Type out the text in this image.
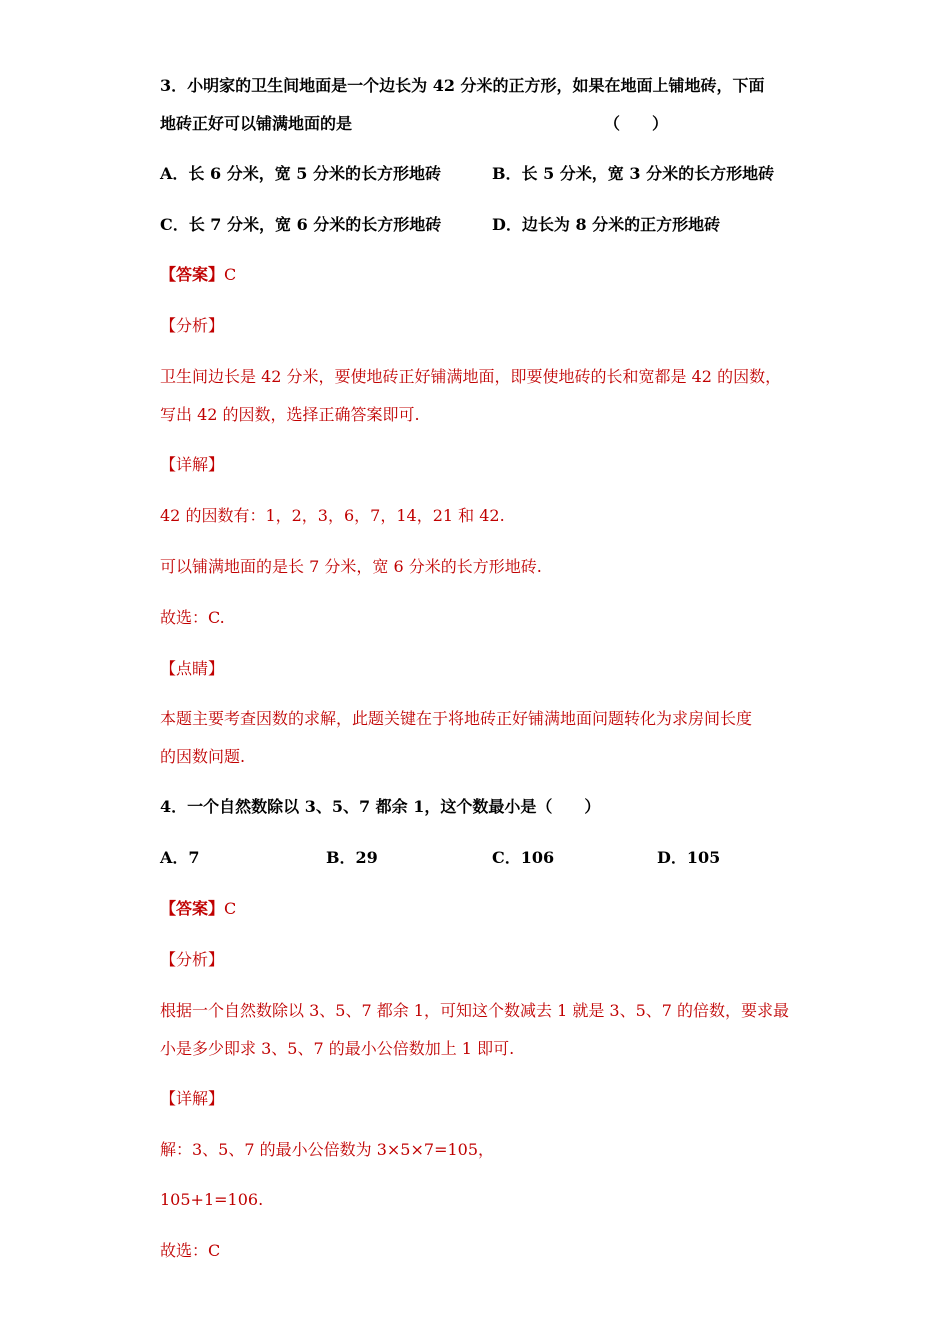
3．小明家的卫生间地面是一个边长为 42 分米的正方形，如果在地面上铺地砖，下面
地砖正好可以铺满地面的是	（　　）
A．长 6 分米，宽 5 分米的长方形地砖	B．长 5 分米，宽 3 分米的长方形地砖
C．长 7 分米，宽 6 分米的长方形地砖	D．边长为 8 分米的正方形地砖
【答案】C
【分析】
卫生间边长是 42 分米，要使地砖正好铺满地面，即要使地砖的长和宽都是 42 的因数，
写出 42 的因数，选择正确答案即可.
【详解】
42 的因数有：1，2，3，6，7，14，21 和 42.
可以铺满地面的是长 7 分米，宽 6 分米的长方形地砖.
故选：C.
【点睛】
本题主要考查因数的求解，此题关键在于将地砖正好铺满地面问题转化为求房间长度
的因数问题.
4．一个自然数除以 3、5、7 都余 1，这个数最小是（　　）
A．7	B．29	C．106	D．105
【答案】C
【分析】
根据一个自然数除以 3、5、7 都余 1，可知这个数减去 1 就是 3、5、7 的倍数，要求最
小是多少即求 3、5、7 的最小公倍数加上 1 即可.
【详解】
解：3、5、7 的最小公倍数为 3×5×7=105，
105+1=106.
故选：C
